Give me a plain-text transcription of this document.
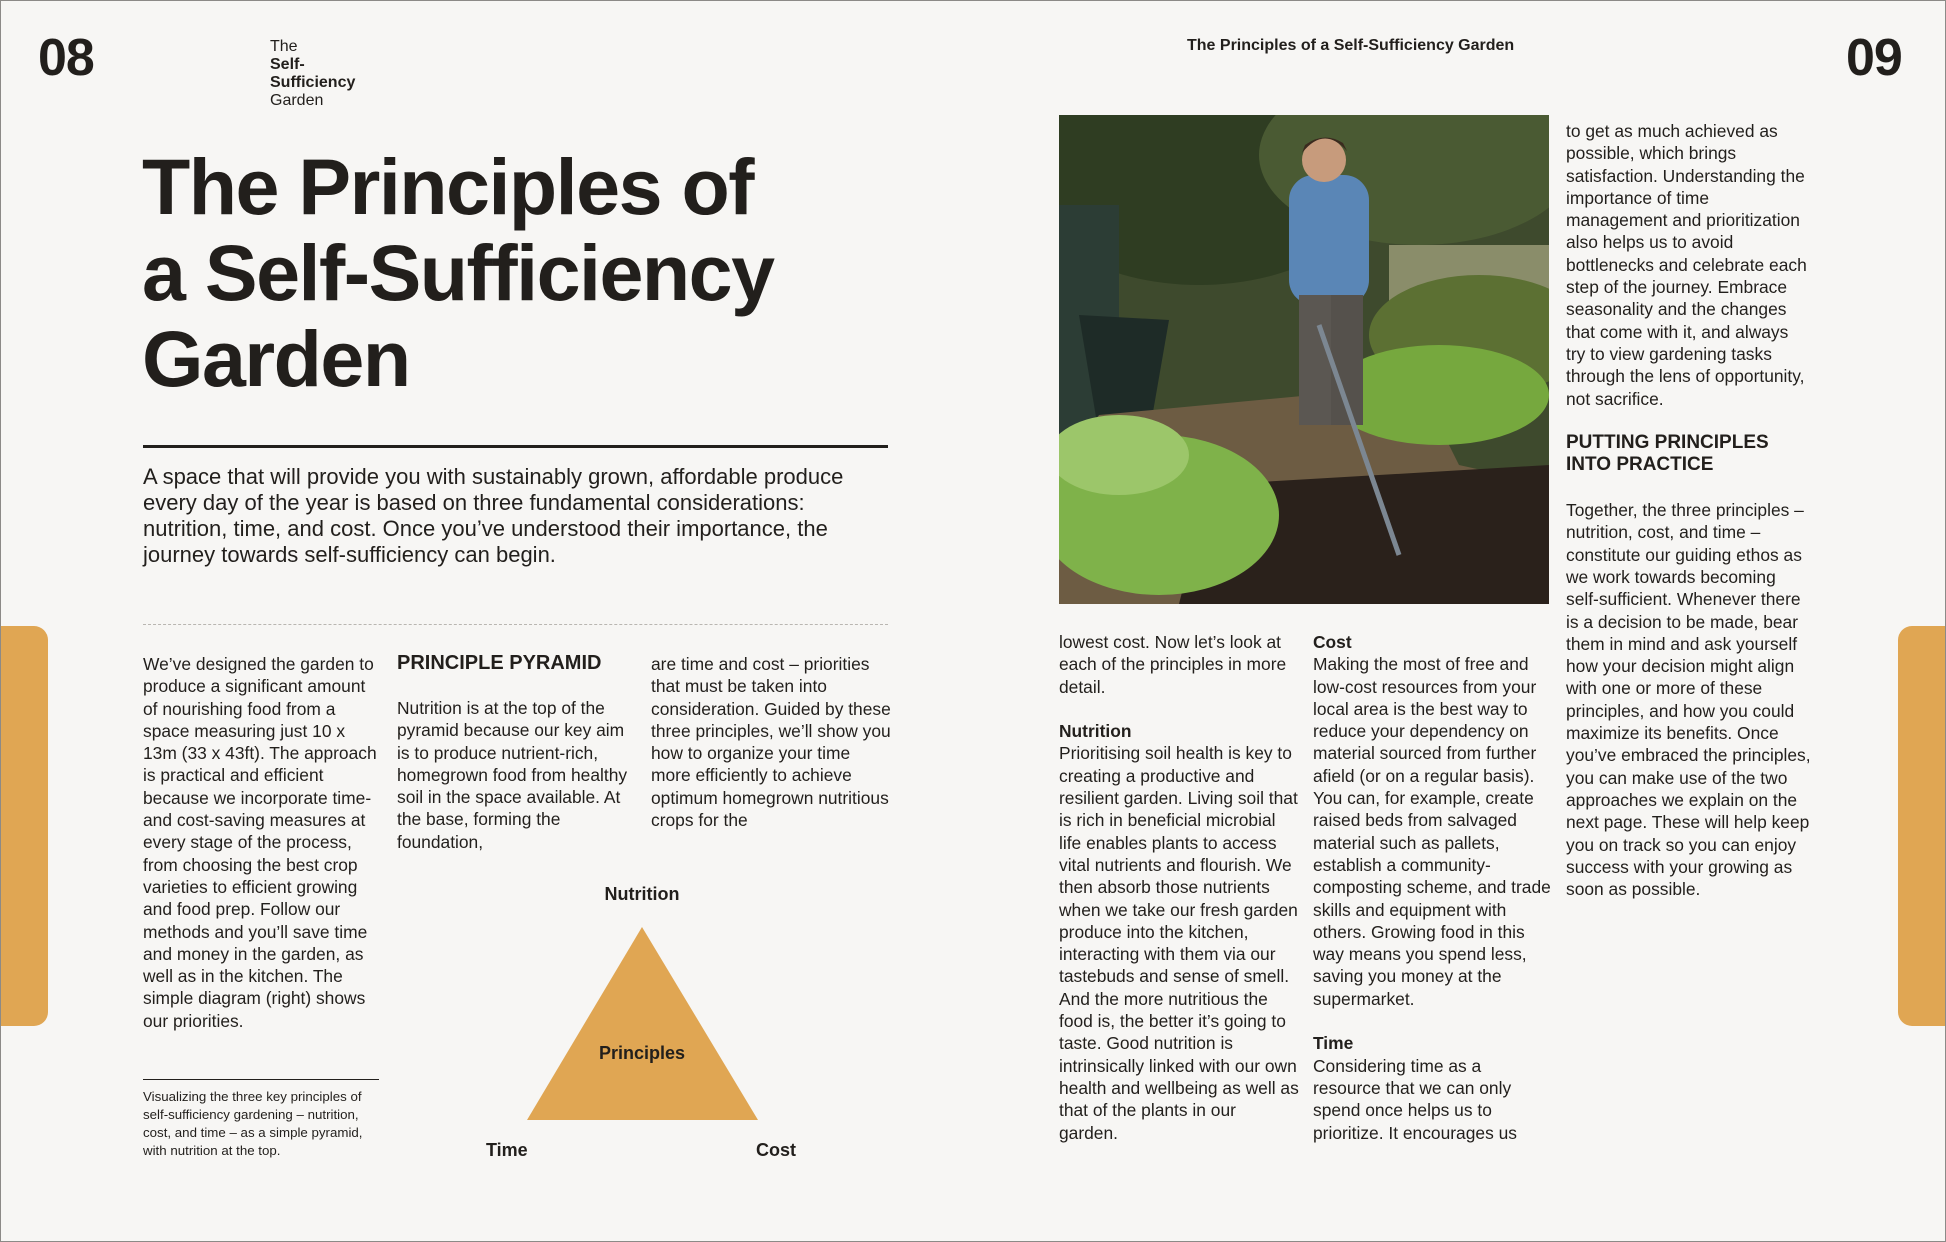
08	The
Self-
Sufficiency
Garden
The Principles of
a Self-Sufficiency
Garden
A space that will provide you with sustainably grown, affordable produce every day of the year is based on three fundamental considerations: nutrition, time, and cost. Once you’ve understood their importance, the journey towards self-sufficiency can begin.
We’ve designed the garden to produce a significant amount of nourishing food from a space measuring just 10 x 13m (33 x 43ft). The approach is practical and efficient because we incorporate time- and cost-saving measures at every stage of the process, from choosing the best crop varieties to efficient growing and food prep. Follow our methods and you’ll save time and money in the garden, as well as in the kitchen. The simple diagram (right) shows our priorities.
Visualizing the three key principles of self-sufficiency gardening – nutrition, cost, and time – as a simple pyramid, with nutrition at the top.
PRINCIPLE PYRAMID
Nutrition is at the top of the pyramid because our key aim is to produce nutrient-rich, homegrown food from healthy soil in the space available. At the base, forming the foundation,
are time and cost – priorities that must be taken into consideration. Guided by these three principles, we’ll show you how to organize your time more efficiently to achieve optimum homegrown nutritious crops for the
Nutrition
Principles
Time	Cost
The Principles of a Self-Sufficiency Garden	09

lowest cost. Now let’s look at each of the principles in more detail.

Nutrition

Prioritising soil health is key to creating a productive and resilient garden. Living soil that is rich in beneficial microbial life enables plants to access vital nutrients and flourish. We then absorb those nutrients when we take our fresh garden produce into the kitchen, interacting with them via our tastebuds and sense of smell. And the more nutritious the food is, the better it’s going to taste. Good nutrition is intrinsically linked with our own health and wellbeing as well as that of the plants in our garden.

Cost

Making the most of free and low-cost resources from your local area is the best way to reduce your dependency on material sourced from further afield (or on a regular basis). You can, for example, create raised beds from salvaged material such as pallets, establish a community-composting scheme, and trade skills and equipment with others. Growing food in this way means you spend less, saving you money at the supermarket.

Time

Considering time as a resource that we can only spend once helps us to prioritize. It encourages us

to get as much achieved as possible, which brings satisfaction. Understanding the importance of time management and prioritization also helps us to avoid bottlenecks and celebrate each step of the journey. Embrace seasonality and the changes that come with it, and always try to view gardening tasks through the lens of opportunity, not sacrifice.

PUTTING PRINCIPLES INTO PRACTICE

Together, the three principles – nutrition, cost, and time – constitute our guiding ethos as we work towards becoming self-sufficient. Whenever there is a decision to be made, bear them in mind and ask yourself how your decision might align with one or more of these principles, and how you could maximize its benefits. Once you’ve embraced the principles, you can make use of the two approaches we explain on the next page. These will help keep you on track so you can enjoy success with your growing as soon as possible.
